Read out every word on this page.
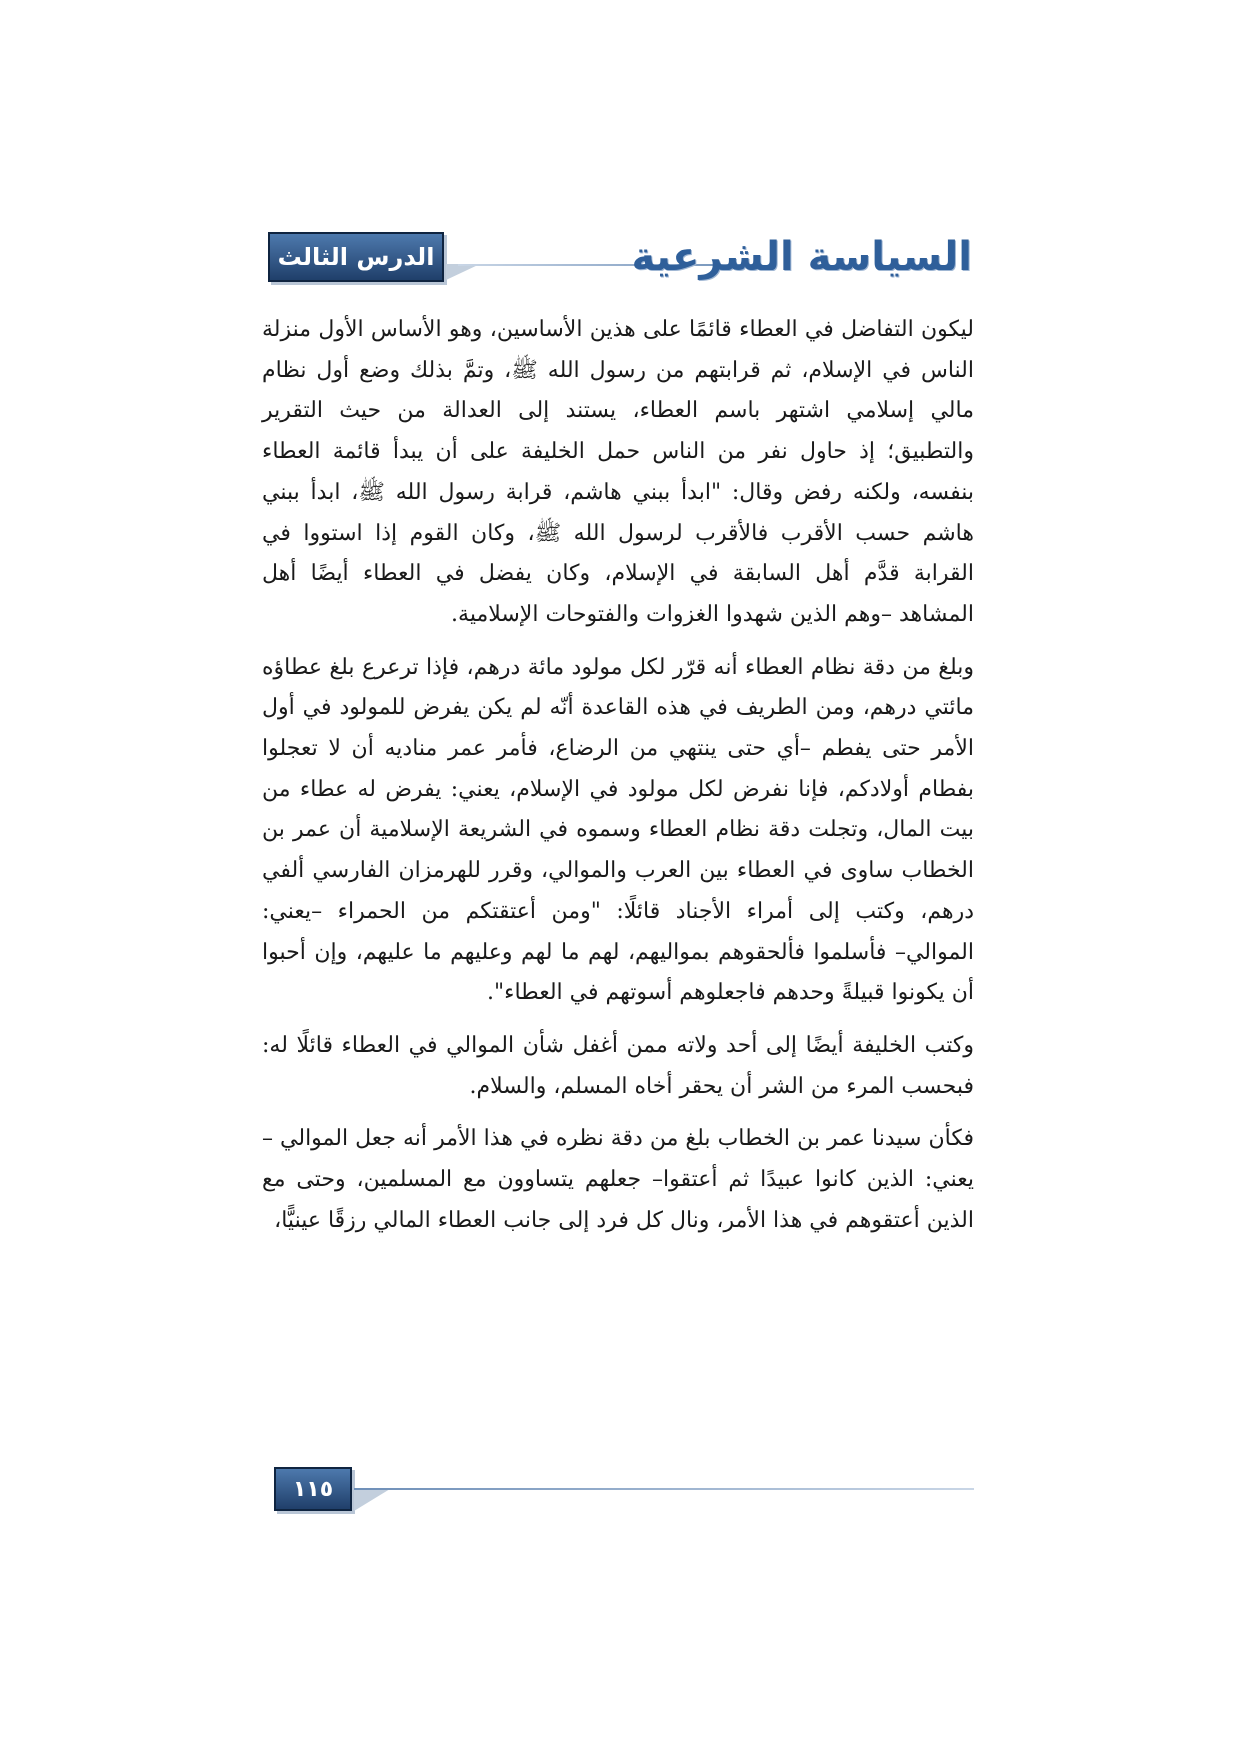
الدرس الثالث	السياسة الشرعية

ليكون التفاضل في العطاء قائمًا على هذين الأساسين، وهو الأساس الأول منزلة الناس في الإسلام، ثم قرابتهم من رسول الله ﷺ، وتمَّ بذلك وضع أول نظام مالي إسلامي اشتهر باسم العطاء، يستند إلى العدالة من حيث التقرير والتطبيق؛ إذ حاول نفر من الناس حمل الخليفة على أن يبدأ قائمة العطاء بنفسه، ولكنه رفض وقال: "ابدأ ببني هاشم، قرابة رسول الله ﷺ، ابدأ ببني هاشم حسب الأقرب فالأقرب لرسول الله ﷺ، وكان القوم إذا استووا في القرابة قدَّم أهل السابقة في الإسلام، وكان يفضل في العطاء أيضًا أهل المشاهد –وهم الذين شهدوا الغزوات والفتوحات الإسلامية.

وبلغ من دقة نظام العطاء أنه قرّر لكل مولود مائة درهم، فإذا ترعرع بلغ عطاؤه مائتي درهم، ومن الطريف في هذه القاعدة أنّه لم يكن يفرض للمولود في أول الأمر حتى يفطم –أي حتى ينتهي من الرضاع، فأمر عمر مناديه أن لا تعجلوا بفطام أولادكم، فإنا نفرض لكل مولود في الإسلام، يعني: يفرض له عطاء من بيت المال، وتجلت دقة نظام العطاء وسموه في الشريعة الإسلامية أن عمر بن الخطاب ساوى في العطاء بين العرب والموالي، وقرر للهرمزان الفارسي ألفي درهم، وكتب إلى أمراء الأجناد قائلًا: "ومن أعتقتكم من الحمراء –يعني: الموالي– فأسلموا فألحقوهم بمواليهم، لهم ما لهم وعليهم ما عليهم، وإن أحبوا أن يكونوا قبيلةً وحدهم فاجعلوهم أسوتهم في العطاء".

وكتب الخليفة أيضًا إلى أحد ولاته ممن أغفل شأن الموالي في العطاء قائلًا له: فبحسب المرء من الشر أن يحقر أخاه المسلم، والسلام.

فكأن سيدنا عمر بن الخطاب بلغ من دقة نظره في هذا الأمر أنه جعل الموالي – يعني: الذين كانوا عبيدًا ثم أعتقوا– جعلهم يتساوون مع المسلمين، وحتى مع الذين أعتقوهم في هذا الأمر، ونال كل فرد إلى جانب العطاء المالي رزقًا عينيًّا،

١١٥
